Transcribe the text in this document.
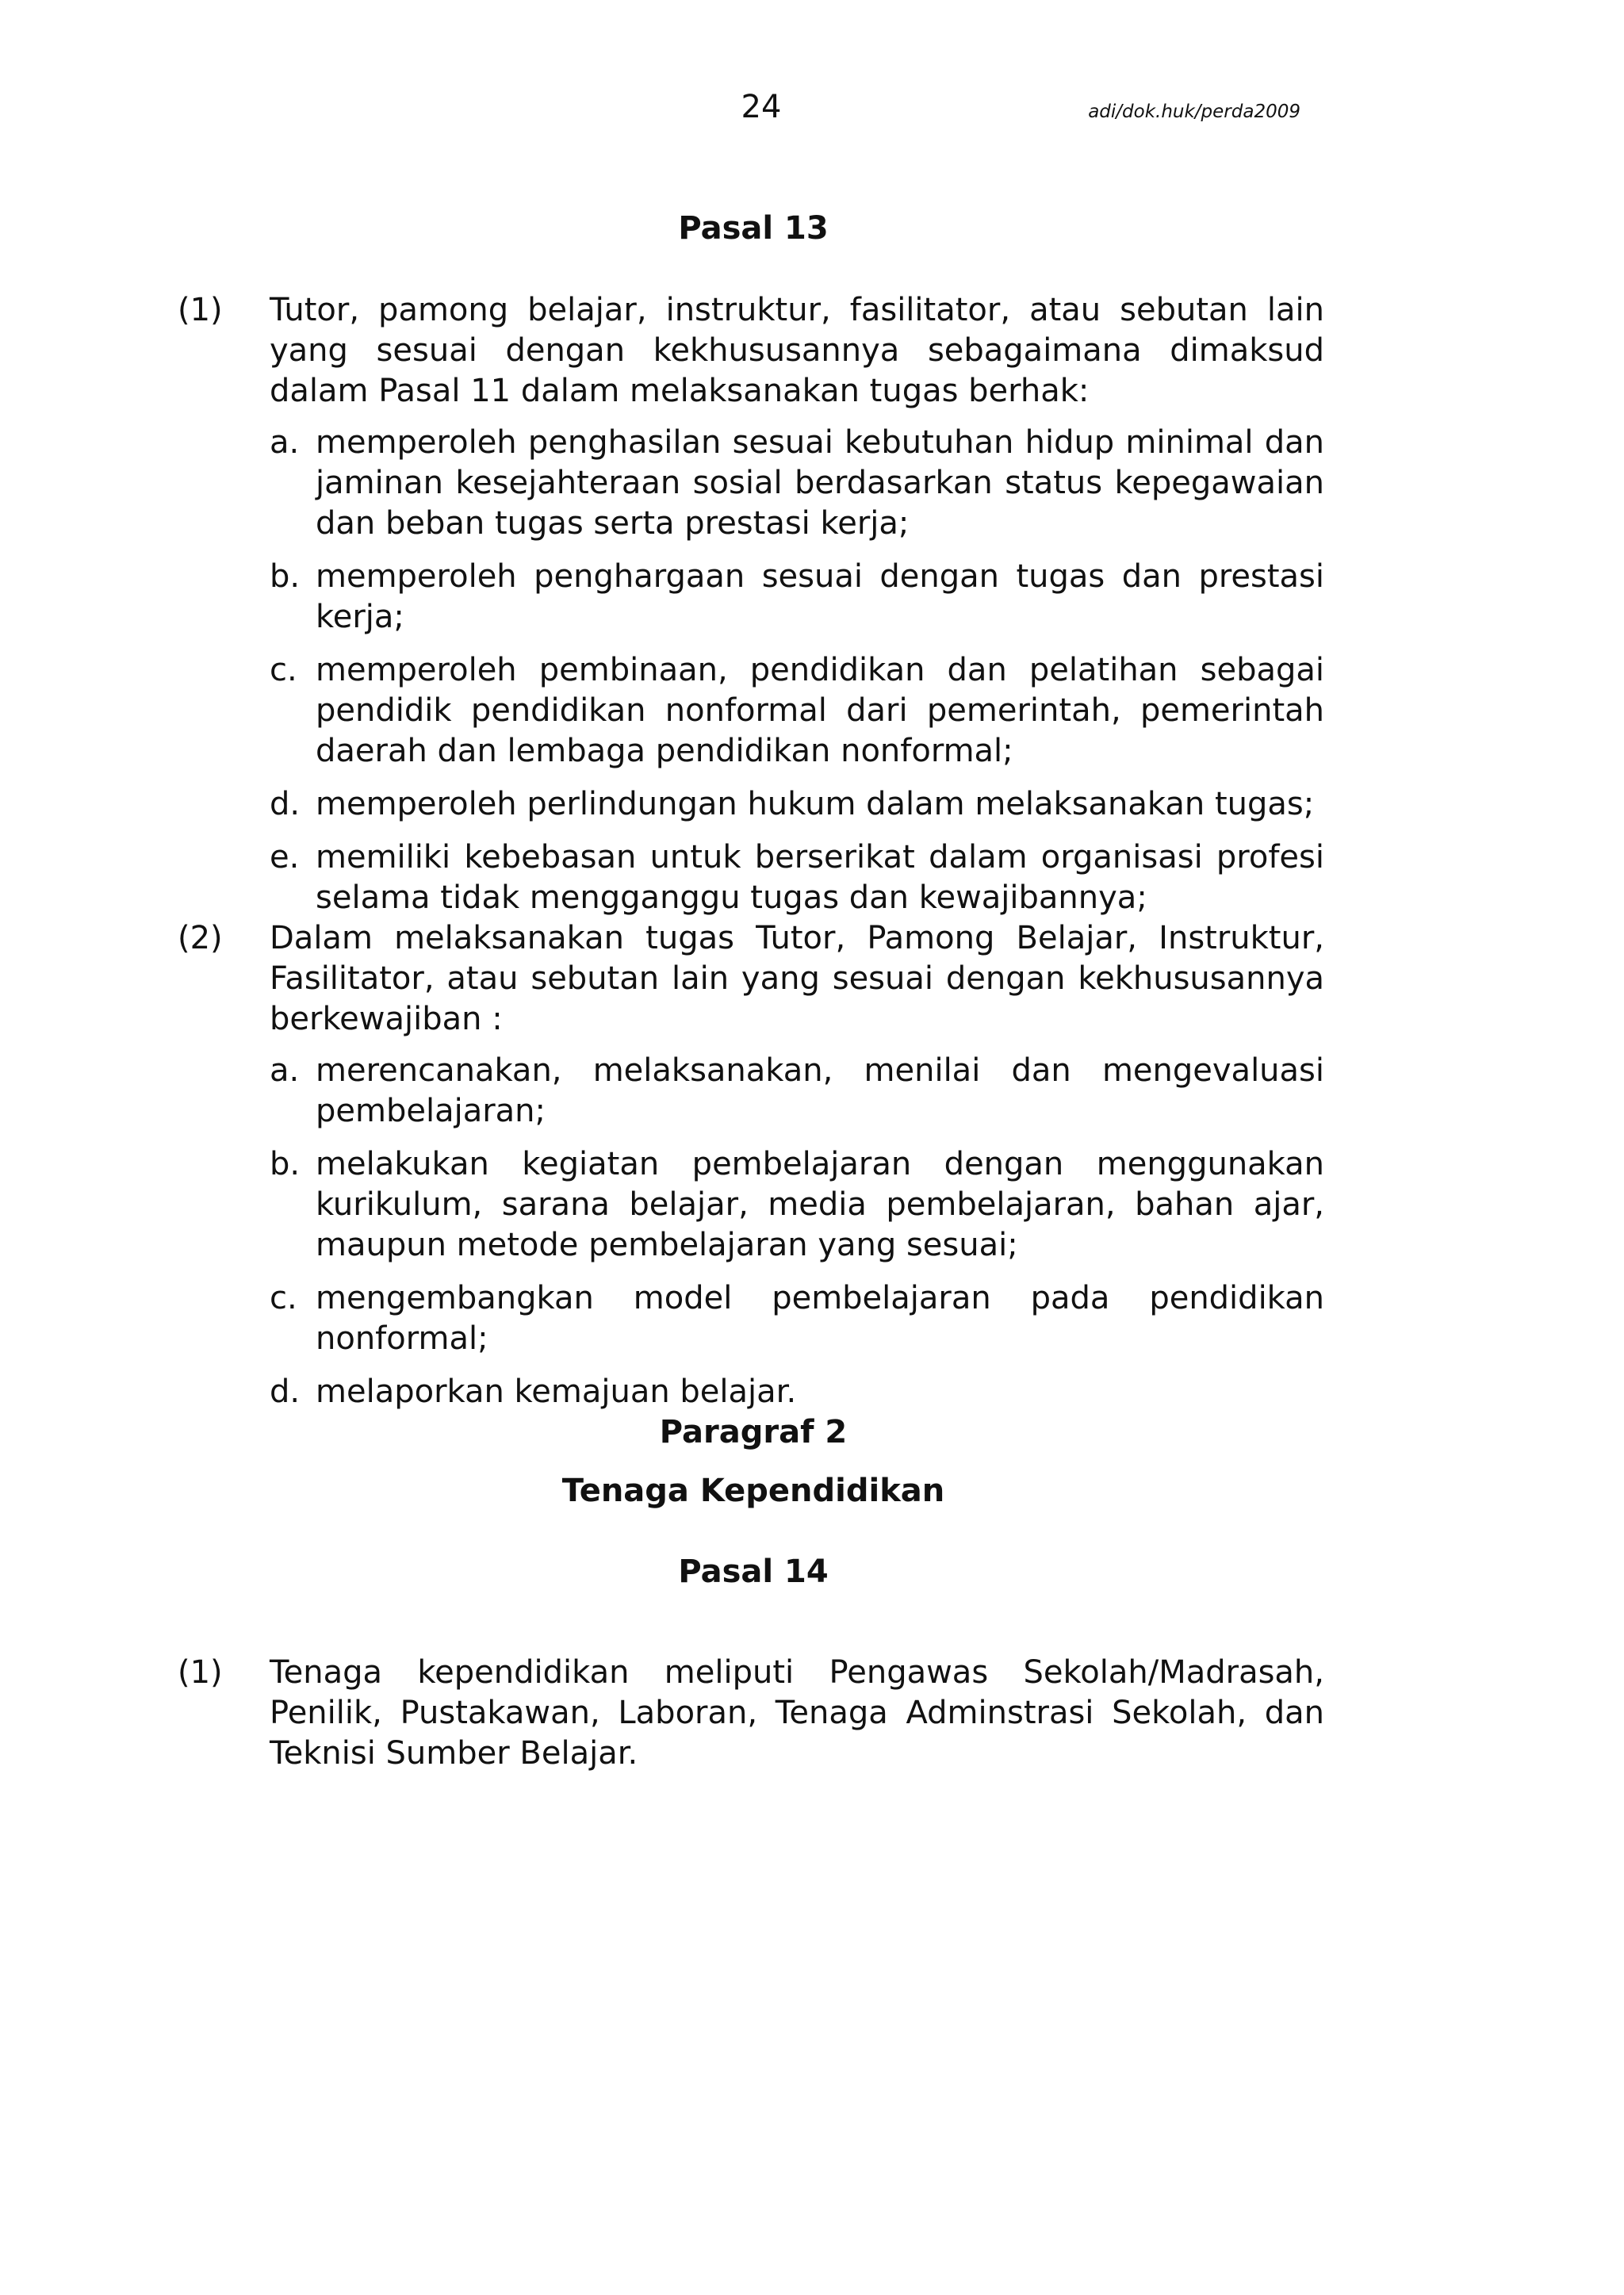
24	adi/dok.huk/perda2009
Pasal 13
(1)	Tutor, pamong belajar, instruktur, fasilitator, atau sebutan lain yang sesuai dengan kekhususannya sebagaimana dimaksud dalam Pasal 11 dalam melaksanakan tugas berhak:
a. memperoleh penghasilan sesuai kebutuhan hidup minimal dan jaminan kesejahteraan sosial berdasarkan status kepegawaian dan beban tugas serta prestasi kerja;
b. memperoleh penghargaan sesuai dengan tugas dan prestasi kerja;
c. memperoleh pembinaan, pendidikan dan pelatihan sebagai pendidik pendidikan nonformal dari pemerintah, pemerintah daerah dan lembaga pendidikan nonformal;
d. memperoleh perlindungan hukum dalam melaksanakan tugas;
e. memiliki kebebasan untuk berserikat dalam organisasi profesi selama tidak mengganggu tugas dan kewajibannya;
(2)	Dalam melaksanakan tugas Tutor, Pamong Belajar, Instruktur, Fasilitator, atau sebutan lain yang sesuai dengan kekhususannya berkewajiban :
a. merencanakan, melaksanakan, menilai dan mengevaluasi pembelajaran;
b. melakukan kegiatan pembelajaran dengan menggunakan kurikulum, sarana belajar, media pembelajaran, bahan ajar, maupun metode pembelajaran yang sesuai;
c. mengembangkan model pembelajaran pada pendidikan nonformal;
d. melaporkan kemajuan belajar.
Paragraf 2
Tenaga Kependidikan
Pasal 14
(1)	Tenaga kependidikan meliputi Pengawas Sekolah/Madrasah, Penilik, Pustakawan, Laboran, Tenaga Adminstrasi Sekolah, dan Teknisi Sumber Belajar.
